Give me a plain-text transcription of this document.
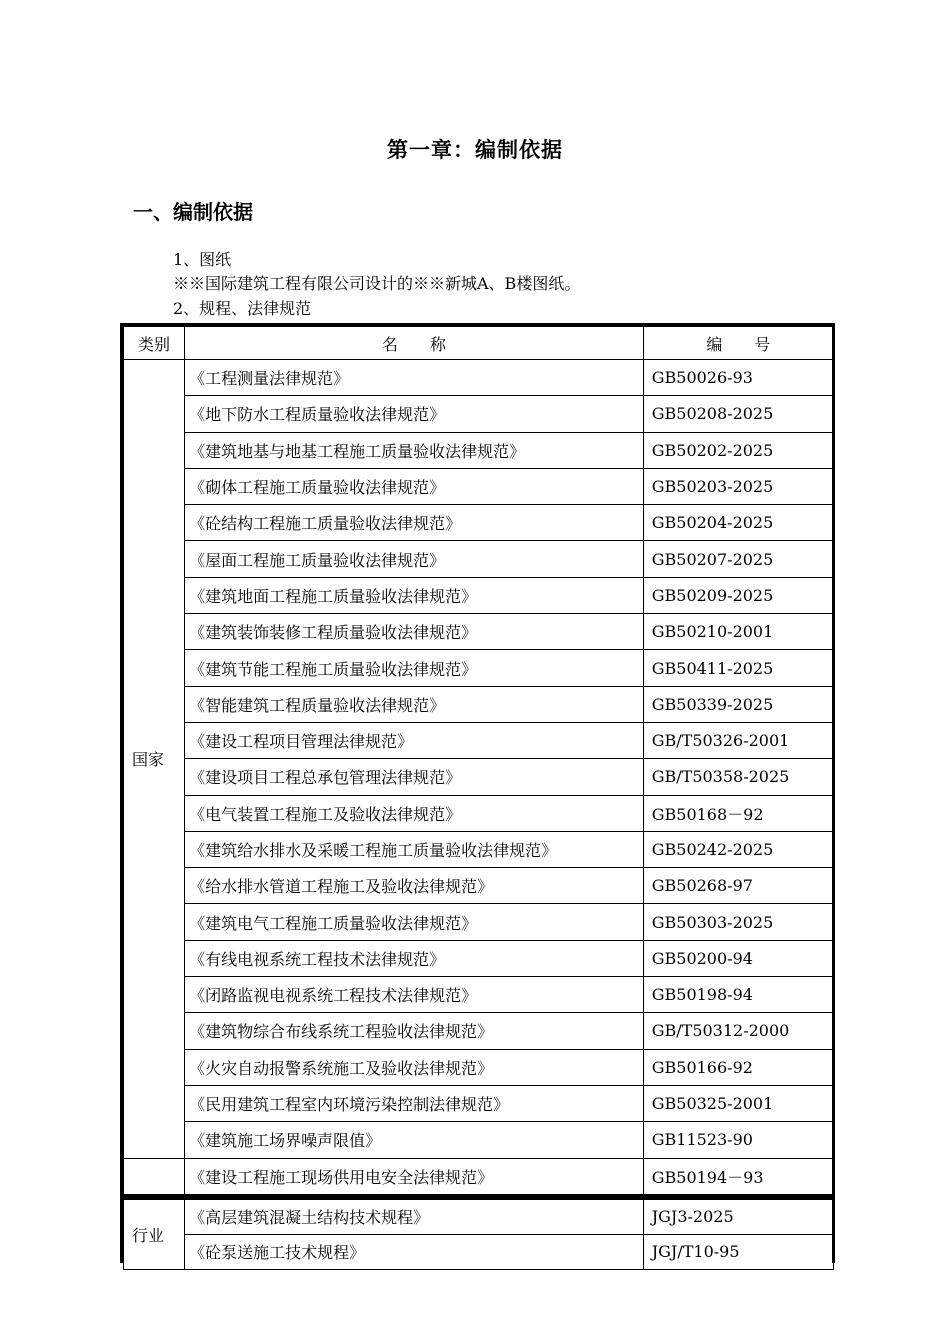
第一章：编制依据
一、编制依据
1、图纸
※※国际建筑工程有限公司设计的※※新城A、B楼图纸。
2、规程、法律规范
类别	名　　称	编　　号
国家	《工程测量法律规范》	GB50026-93
	《地下防水工程质量验收法律规范》	GB50208-2025
	《建筑地基与地基工程施工质量验收法律规范》	GB50202-2025
	《砌体工程施工质量验收法律规范》	GB50203-2025
	《砼结构工程施工质量验收法律规范》	GB50204-2025
	《屋面工程施工质量验收法律规范》	GB50207-2025
	《建筑地面工程施工质量验收法律规范》	GB50209-2025
	《建筑装饰装修工程质量验收法律规范》	GB50210-2001
	《建筑节能工程施工质量验收法律规范》	GB50411-2025
	《智能建筑工程质量验收法律规范》	GB50339-2025
	《建设工程项目管理法律规范》	GB/T50326-2001
	《建设项目工程总承包管理法律规范》	GB/T50358-2025
	《电气装置工程施工及验收法律规范》	GB50168－92
	《建筑给水排水及采暖工程施工质量验收法律规范》	GB50242-2025
	《给水排水管道工程施工及验收法律规范》	GB50268-97
	《建筑电气工程施工质量验收法律规范》	GB50303-2025
	《有线电视系统工程技术法律规范》	GB50200-94
	《闭路监视电视系统工程技术法律规范》	GB50198-94
	《建筑物综合布线系统工程验收法律规范》	GB/T50312-2000
	《火灾自动报警系统施工及验收法律规范》	GB50166-92
	《民用建筑工程室内环境污染控制法律规范》	GB50325-2001
	《建筑施工场界噪声限值》	GB11523-90
	《建设工程施工现场供用电安全法律规范》	GB50194－93
行业	《高层建筑混凝土结构技术规程》	JGJ3-2025
	《砼泵送施工技术规程》	JGJ/T10-95
